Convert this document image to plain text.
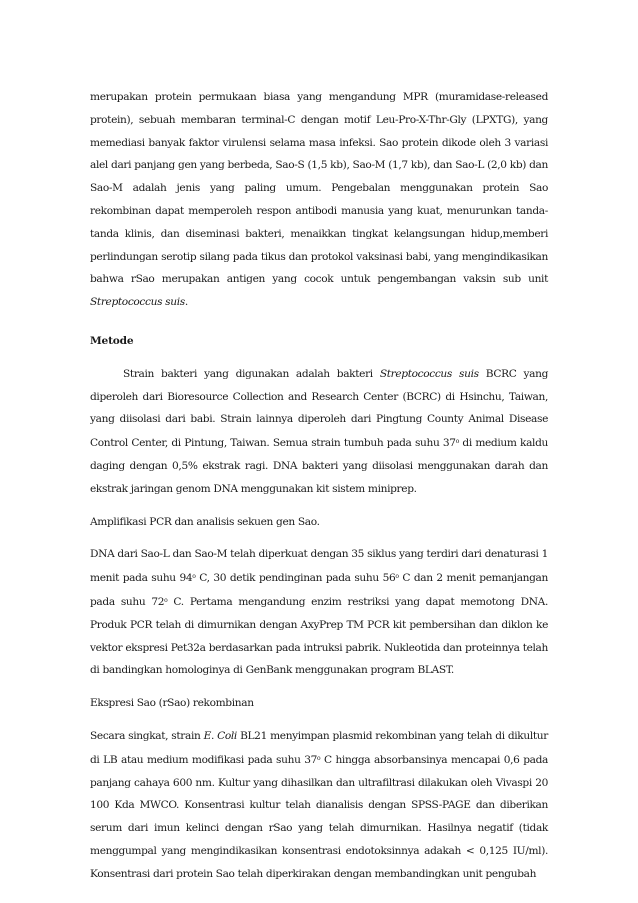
merupakan protein permukaan biasa yang mengandung MPR (muramidase-released protein), sebuah membaran terminal-C dengan motif Leu-Pro-X-Thr-Gly (LPXTG), yang memediasi banyak faktor virulensi selama masa infeksi. Sao protein dikode oleh 3 variasi alel dari panjang gen yang berbeda, Sao-S (1,5 kb), Sao-M (1,7 kb), dan Sao-L (2,0 kb) dan Sao-M adalah jenis yang paling umum. Pengebalan menggunakan protein Sao rekombinan dapat memperoleh respon antibodi manusia yang kuat, menurunkan tanda-tanda klinis, dan diseminasi bakteri, menaikkan tingkat kelangsungan hidup,memberi perlindungan serotip silang pada tikus dan protokol vaksinasi babi, yang mengindikasikan bahwa rSao merupakan antigen yang cocok untuk pengembangan vaksin sub unit Streptococcus suis.

Metode

Strain bakteri yang digunakan adalah bakteri Streptococcus suis BCRC yang diperoleh dari Bioresource Collection and Research Center (BCRC) di Hsinchu, Taiwan, yang diisolasi dari babi. Strain lainnya diperoleh dari Pingtung County Animal Disease Control Center, di Pintung, Taiwan. Semua strain tumbuh pada suhu 37$^o$ di medium kaldu daging dengan 0,5% ekstrak ragi. DNA bakteri yang diisolasi menggunakan darah dan ekstrak jaringan genom DNA menggunakan kit sistem miniprep.

Amplifikasi PCR dan analisis sekuen gen Sao.

DNA dari Sao-L dan Sao-M telah diperkuat dengan 35 siklus yang terdiri dari denaturasi 1 menit pada suhu 94$^o$ C, 30 detik pendinginan pada suhu 56$^o$ C dan 2 menit pemanjangan pada suhu 72$^o$ C. Pertama mengandung enzim restriksi yang dapat memotong DNA. Produk PCR telah di dimurnikan dengan AxyPrep TM PCR kit pembersihan dan diklon ke vektor ekspresi Pet32a berdasarkan pada intruksi pabrik. Nukleotida dan proteinnya telah di bandingkan homologinya di GenBank menggunakan program BLAST.

Ekspresi Sao (rSao) rekombinan

Secara singkat, strain E. Coli BL21 menyimpan plasmid rekombinan yang telah di dikultur di LB atau medium modifikasi pada suhu 37$^o$ C hingga absorbansinya mencapai 0,6 pada panjang cahaya 600 nm. Kultur yang dihasilkan dan ultrafiltrasi dilakukan oleh Vivaspi 20 100 Kda MWCO. Konsentrasi kultur telah dianalisis dengan SPSS-PAGE dan diberikan serum dari imun kelinci dengan rSao yang telah dimurnikan. Hasilnya negatif (tidak menggumpal yang mengindikasikan konsentrasi endotoksinnya adakah < 0,125 IU/ml). Konsentrasi dari protein Sao telah diperkirakan dengan membandingkan unit pengubah
